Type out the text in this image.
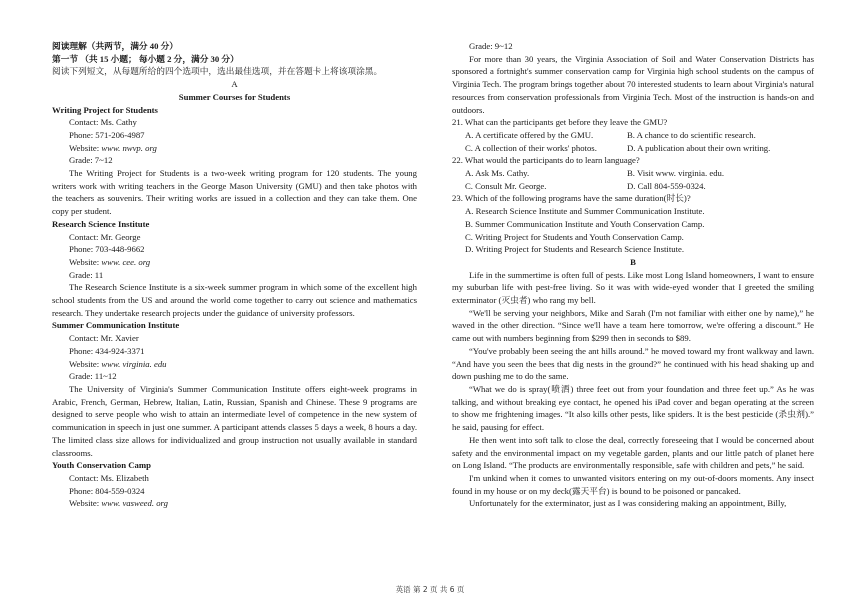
阅读理解（共两节，满分 40 分）
第一节 （共 15 小题； 每小题 2 分，满分 30 分）
阅读下列短文，从每题所给的四个选项中，选出最佳选项，并在答题卡上将该项涂黑。
A
Summer Courses for Students
Writing Project for Students
Contact: Ms. Cathy
Phone: 571-206-4987
Website: www. nwvp. org
Grade: 7~12

The Writing Project for Students is a two-week writing program for 120 students. The young writers work with writing teachers in the George Mason University (GMU) and then take photos with the teachers as souvenirs. Their writing works are issued in a collection and they can take them. One copy per student.

Research Science Institute
Contact: Mr. George
Phone: 703-448-9662
Website: www. cee. org
Grade: 11

The Research Science Institute is a six-week summer program in which some of the excellent high school students from the US and around the world come together to carry out science and mathematics research. They undertake research projects under the guidance of university professors.

Summer Communication Institute
Contact: Mr. Xavier
Phone: 434-924-3371
Website: www. virginia. edu
Grade: 11~12

The University of Virginia's Summer Communication Institute offers eight-week programs in Arabic, French, German, Hebrew, Italian, Latin, Russian, Spanish and Chinese. These 9 programs are designed to serve people who wish to attain an intermediate level of competence in the new system of communication in speech in just one summer. A participant attends classes 5 days a week, 8 hours a day. The limited class size allows for individualized and group instruction not usually available in standard classrooms.

Youth Conservation Camp
Contact: Ms. Elizabeth
Phone: 804-559-0324
Website: www. vasweed. org
Grade: 9~12

For more than 30 years, the Virginia Association of Soil and Water Conservation Districts has sponsored a fortnight's summer conservation camp for Virginia high school students on the campus of Virginia Tech. The program brings together about 70 interested students to learn about Virginia's natural resources from conservation professionals from Virginia Tech. Most of the instruction is hands-on and outdoors.

21. What can the participants get before they leave the GMU?
A. A certificate offered by the GMU.	B. A chance to do scientific research.
C. A collection of their works' photos.	D. A publication about their own writing.
22. What would the participants do to learn language?
A. Ask Ms. Cathy.	B. Visit www. virginia. edu.
C. Consult Mr. George.	D. Call 804-559-0324.
23. Which of the following programs have the same duration(时长)?
A. Research Science Institute and Summer Communication Institute.
B. Summer Communication Institute and Youth Conservation Camp.
C. Writing Project for Students and Youth Conservation Camp.
D. Writing Project for Students and Research Science Institute.
B

Life in the summertime is often full of pests. Like most Long Island homeowners, I want to ensure my suburban life with pest-free living. So it was with wide-eyed wonder that I greeted the smiling exterminator (灭虫者) who rang my bell.

“We'll be serving your neighbors, Mike and Sarah (I'm not familiar with either one by name),” he waved in the other direction. “Since we'll have a team here tomorrow, we're offering a discount.” He came out with numbers beginning from $299 then in seconds to $89.

“You've probably been seeing the ant hills around.” he moved toward my front walkway and lawn. “And have you seen the bees that dig nests in the ground?” he continued with his head shaking up and down pushing me to do the same.

“What we do is spray(喷洒) three feet out from your foundation and three feet up.” As he was talking, and without breaking eye contact, he opened his iPad cover and began operating at the screen to show me frightening images. “It also kills other pests, like spiders. It is the best pesticide (杀虫剂).” he said, pausing for effect.

He then went into soft talk to close the deal, correctly foreseeing that I would be concerned about safety and the environmental impact on my vegetable garden, plants and our little patch of planet here on Long Island. “The products are environmentally responsible, safe with children and pets,” he said.

I'm unkind when it comes to unwanted visitors entering on my out-of-doors moments. Any insect found in my house or on my deck(露天平台) is bound to be poisoned or pancaked.

Unfortunately for the exterminator, just as I was considering making an appointment, Billy,

英语 第 2 页 共 6 页
